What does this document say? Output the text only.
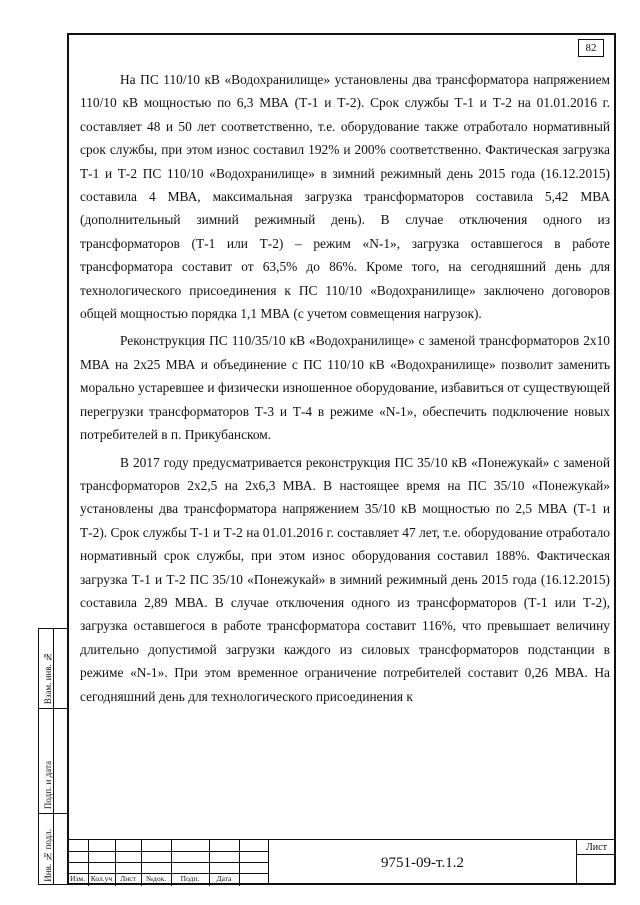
82

На ПС 110/10 кВ «Водохранилище» установлены два трансформатора напряжением 110/10 кВ мощностью по 6,3 МВА (Т-1 и Т-2). Срок службы Т-1 и Т-2 на 01.01.2016 г. составляет 48 и 50 лет соответственно, т.е. оборудование также отработало нормативный срок службы, при этом износ составил 192% и 200% соответственно. Фактическая загрузка Т-1 и Т-2 ПС 110/10 «Водохранилище» в зимний режимный день 2015 года (16.12.2015) составила 4 МВА, максимальная загрузка трансформаторов составила 5,42 МВА (дополнительный зимний режимный день). В случае отключения одного из трансформаторов (Т-1 или Т-2) – режим «N-1», загрузка оставшегося в работе трансформатора составит от 63,5% до 86%. Кроме того, на сегодняшний день для технологического присоединения к ПС 110/10 «Водохранилище» заключено договоров общей мощностью порядка 1,1 МВА (с учетом совмещения нагрузок).

Реконструкция ПС 110/35/10 кВ «Водохранилище» с заменой трансформаторов 2х10 МВА на 2х25 МВА и объединение с ПС 110/10 кВ «Водохранилище» позволит заменить морально устаревшее и физически изношенное оборудование, избавиться от существующей перегрузки трансформаторов Т-3 и Т-4 в режиме «N-1», обеспечить подключение новых потребителей в п. Прикубанском.

В 2017 году предусматривается реконструкция ПС 35/10 кВ «Понежукай» с заменой трансформаторов 2х2,5 на 2х6,3 МВА. В настоящее время на ПС 35/10 «Понежукай» установлены два трансформатора напряжением 35/10 кВ мощностью по 2,5 МВА (Т-1 и Т-2). Срок службы Т-1 и Т-2 на 01.01.2016 г. составляет 47 лет, т.е. оборудование отработало нормативный срок службы, при этом износ оборудования составил 188%. Фактическая загрузка Т-1 и Т-2 ПС 35/10 «Понежукай» в зимний режимный день 2015 года (16.12.2015) составила 2,89 МВА. В случае отключения одного из трансформаторов (Т-1 или Т-2), загрузка оставшегося в работе трансформатора составит 116%, что превышает величину длительно допустимой загрузки каждого из силовых трансформаторов подстанции в режиме «N-1». При этом временное ограничение потребителей составит 0,26 МВА. На сегодняшний день для технологического присоединения к

Взам. инв. №
Подп. и дата
Инв. № подл.	Изм. Кол.уч	Лист	№док.	Подп.	Дата
9751-09-т.1.2
Лист
